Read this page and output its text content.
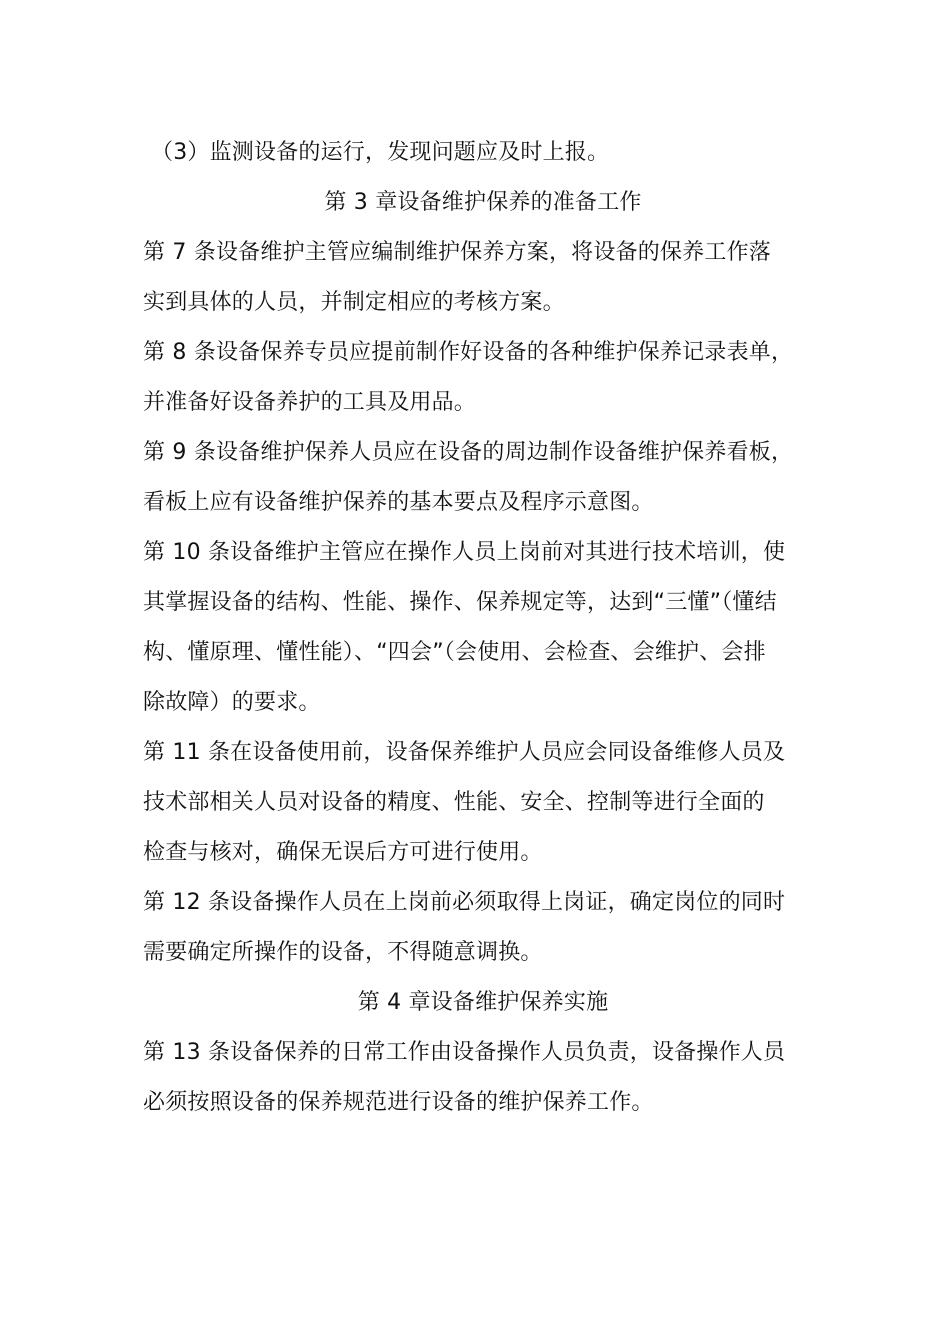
（3）监测设备的运行，发现问题应及时上报。
第 3 章设备维护保养的准备工作
第 7 条设备维护主管应编制维护保养方案，将设备的保养工作落
实到具体的人员，并制定相应的考核方案。
第 8 条设备保养专员应提前制作好设备的各种维护保养记录表单，
并准备好设备养护的工具及用品。
第 9 条设备维护保养人员应在设备的周边制作设备维护保养看板，
看板上应有设备维护保养的基本要点及程序示意图。
第 10 条设备维护主管应在操作人员上岗前对其进行技术培训，使
其掌握设备的结构、性能、操作、保养规定等，达到“三懂”（懂结
构、懂原理、懂性能）、“四会”（会使用、会检查、会维护、会排
除故障）的要求。
第 11 条在设备使用前，设备保养维护人员应会同设备维修人员及
技术部相关人员对设备的精度、性能、安全、控制等进行全面的
检查与核对，确保无误后方可进行使用。
第 12 条设备操作人员在上岗前必须取得上岗证，确定岗位的同时
需要确定所操作的设备，不得随意调换。
第 4 章设备维护保养实施
第 13 条设备保养的日常工作由设备操作人员负责，设备操作人员
必须按照设备的保养规范进行设备的维护保养工作。
